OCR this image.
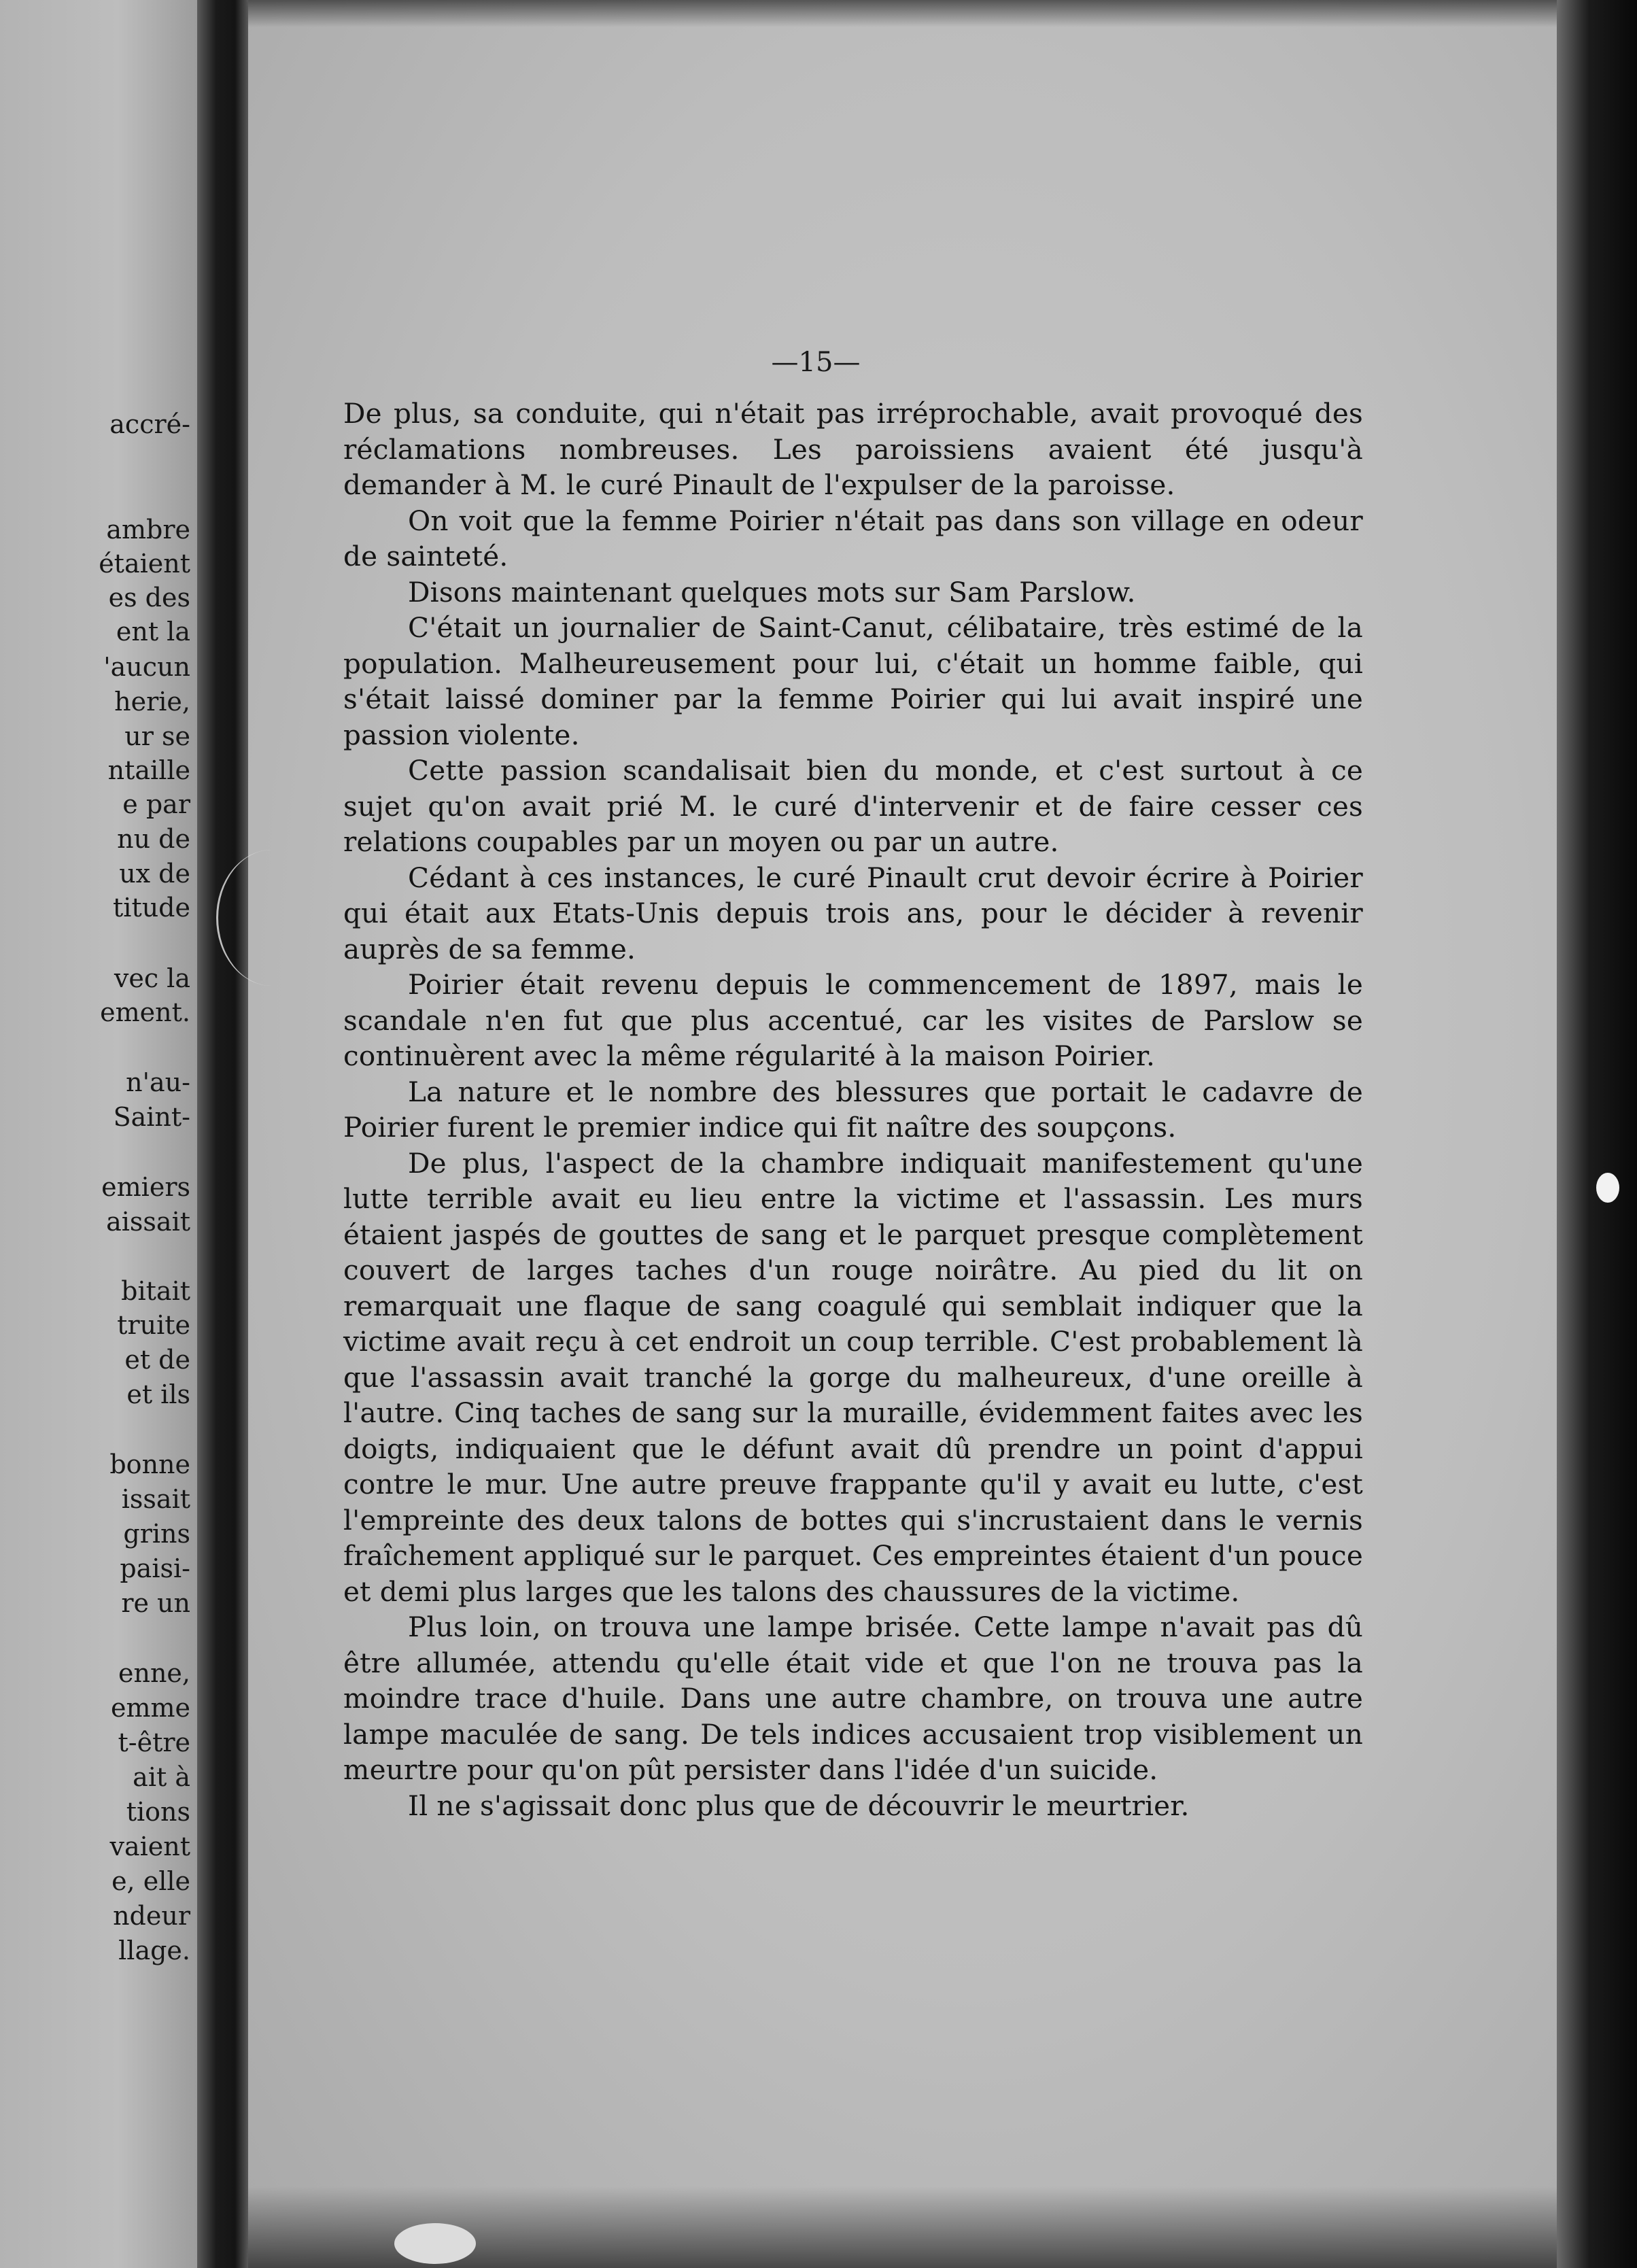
accré-
ambre
étaient
es des
ent la
'aucun
herie,
ur se
ntaille
e par
nu de
ux de
titude
vec la
ement.
n'au-
Saint-
emiers
aissait
bitait
truite
et de
et ils
bonne
issait
grins
paisi-
re un
enne,
emme
t-être
ait à
tions
vaient
e, elle
ndeur
llage.
—15—

De plus, sa conduite, qui n'était pas irréprochable, avait provoqué des réclamations nombreuses. Les paroissiens avaient été jusqu'à demander à M. le curé Pinault de l'expulser de la paroisse.

On voit que la femme Poirier n'était pas dans son village en odeur de sainteté.

Disons maintenant quelques mots sur Sam Parslow.

C'était un journalier de Saint-Canut, célibataire, très estimé de la population. Malheureusement pour lui, c'était un homme faible, qui s'était laissé dominer par la femme Poirier qui lui avait inspiré une passion violente.

Cette passion scandalisait bien du monde, et c'est surtout à ce sujet qu'on avait prié M. le curé d'intervenir et de faire cesser ces relations coupables par un moyen ou par un autre.

Cédant à ces instances, le curé Pinault crut devoir écrire à Poirier qui était aux Etats-Unis depuis trois ans, pour le décider à revenir auprès de sa femme.

Poirier était revenu depuis le commencement de 1897, mais le scandale n'en fut que plus accentué, car les visites de Parslow se continuèrent avec la même régularité à la maison Poirier.

La nature et le nombre des blessures que portait le cadavre de Poirier furent le premier indice qui fit naître des soupçons.

De plus, l'aspect de la chambre indiquait manifestement qu'une lutte terrible avait eu lieu entre la victime et l'assassin. Les murs étaient jaspés de gouttes de sang et le parquet presque complètement couvert de larges taches d'un rouge noirâtre. Au pied du lit on remarquait une flaque de sang coagulé qui semblait indiquer que la victime avait reçu à cet endroit un coup terrible. C'est probablement là que l'assassin avait tranché la gorge du malheureux, d'une oreille à l'autre. Cinq taches de sang sur la muraille, évidemment faites avec les doigts, indiquaient que le défunt avait dû prendre un point d'appui contre le mur. Une autre preuve frappante qu'il y avait eu lutte, c'est l'empreinte des deux talons de bottes qui s'incrustaient dans le vernis fraîchement appliqué sur le parquet. Ces empreintes étaient d'un pouce et demi plus larges que les talons des chaussures de la victime.

Plus loin, on trouva une lampe brisée. Cette lampe n'avait pas dû être allumée, attendu qu'elle était vide et que l'on ne trouva pas la moindre trace d'huile. Dans une autre chambre, on trouva une autre lampe maculée de sang. De tels indices accusaient trop visiblement un meurtre pour qu'on pût persister dans l'idée d'un suicide.

Il ne s'agissait donc plus que de découvrir le meurtrier.
